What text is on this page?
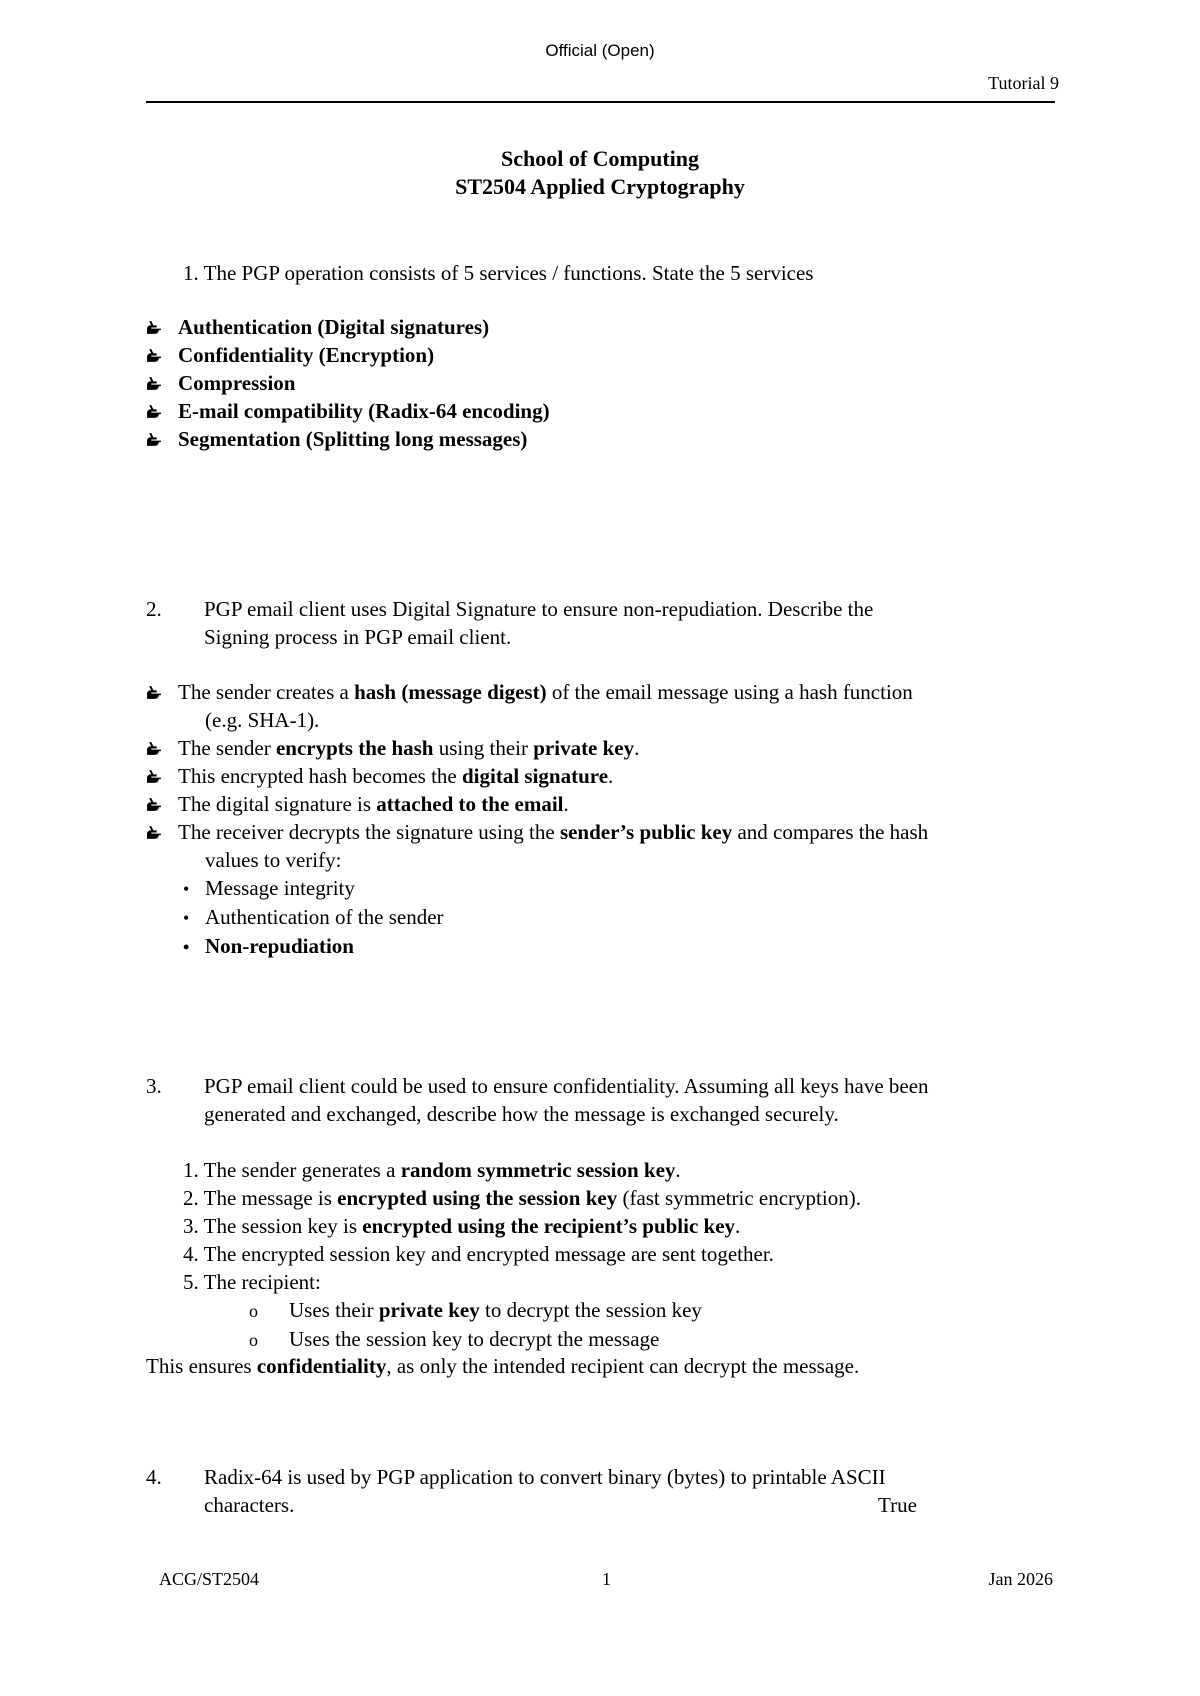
Official (Open)
Tutorial 9
School of Computing
ST2504 Applied Cryptography
1. The PGP operation consists of 5 services / functions. State the 5 services
Authentication (Digital signatures)
Confidentiality (Encryption)
Compression
E-mail compatibility (Radix-64 encoding)
Segmentation (Splitting long messages)
2. PGP email client uses Digital Signature to ensure non-repudiation. Describe the
Signing process in PGP email client.
The sender creates a hash (message digest) of the email message using a hash function
(e.g. SHA-1).
The sender encrypts the hash using their private key.
This encrypted hash becomes the digital signature.
The digital signature is attached to the email.
The receiver decrypts the signature using the sender’s public key and compares the hash
values to verify:
• Message integrity
• Authentication of the sender
• Non-repudiation
3. PGP email client could be used to ensure confidentiality. Assuming all keys have been
generated and exchanged, describe how the message is exchanged securely.
1. The sender generates a random symmetric session key.
2. The message is encrypted using the session key (fast symmetric encryption).
3. The session key is encrypted using the recipient’s public key.
4. The encrypted session key and encrypted message are sent together.
5. The recipient:
o Uses their private key to decrypt the session key
o Uses the session key to decrypt the message
This ensures confidentiality, as only the intended recipient can decrypt the message.
4. Radix-64 is used by PGP application to convert binary (bytes) to printable ASCII
characters.	True
ACG/ST2504	1	Jan 2026
